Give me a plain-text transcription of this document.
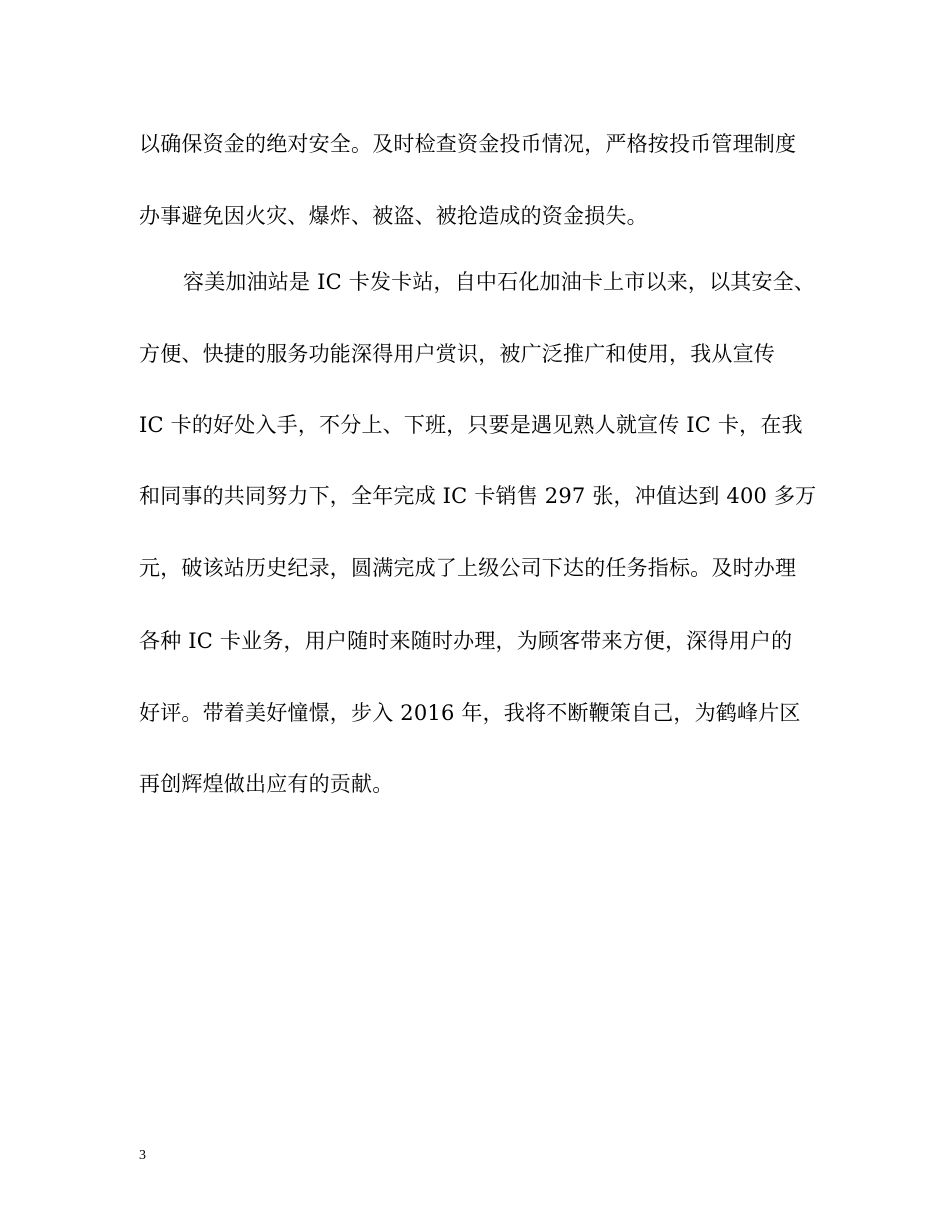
以确保资金的绝对安全。及时检查资金投币情况，严格按投币管理制度
办事避免因火灾、爆炸、被盗、被抢造成的资金损失。
容美加油站是 IC 卡发卡站，自中石化加油卡上市以来，以其安全、
方便、快捷的服务功能深得用户赏识，被广泛推广和使用，我从宣传
IC 卡的好处入手，不分上、下班，只要是遇见熟人就宣传 IC 卡，在我
和同事的共同努力下，全年完成 IC 卡销售 297 张，冲值达到 400 多万
元，破该站历史纪录，圆满完成了上级公司下达的任务指标。及时办理
各种 IC 卡业务，用户随时来随时办理，为顾客带来方便，深得用户的
好评。带着美好憧憬，步入 2016 年，我将不断鞭策自己，为鹤峰片区
再创辉煌做出应有的贡献。
3
